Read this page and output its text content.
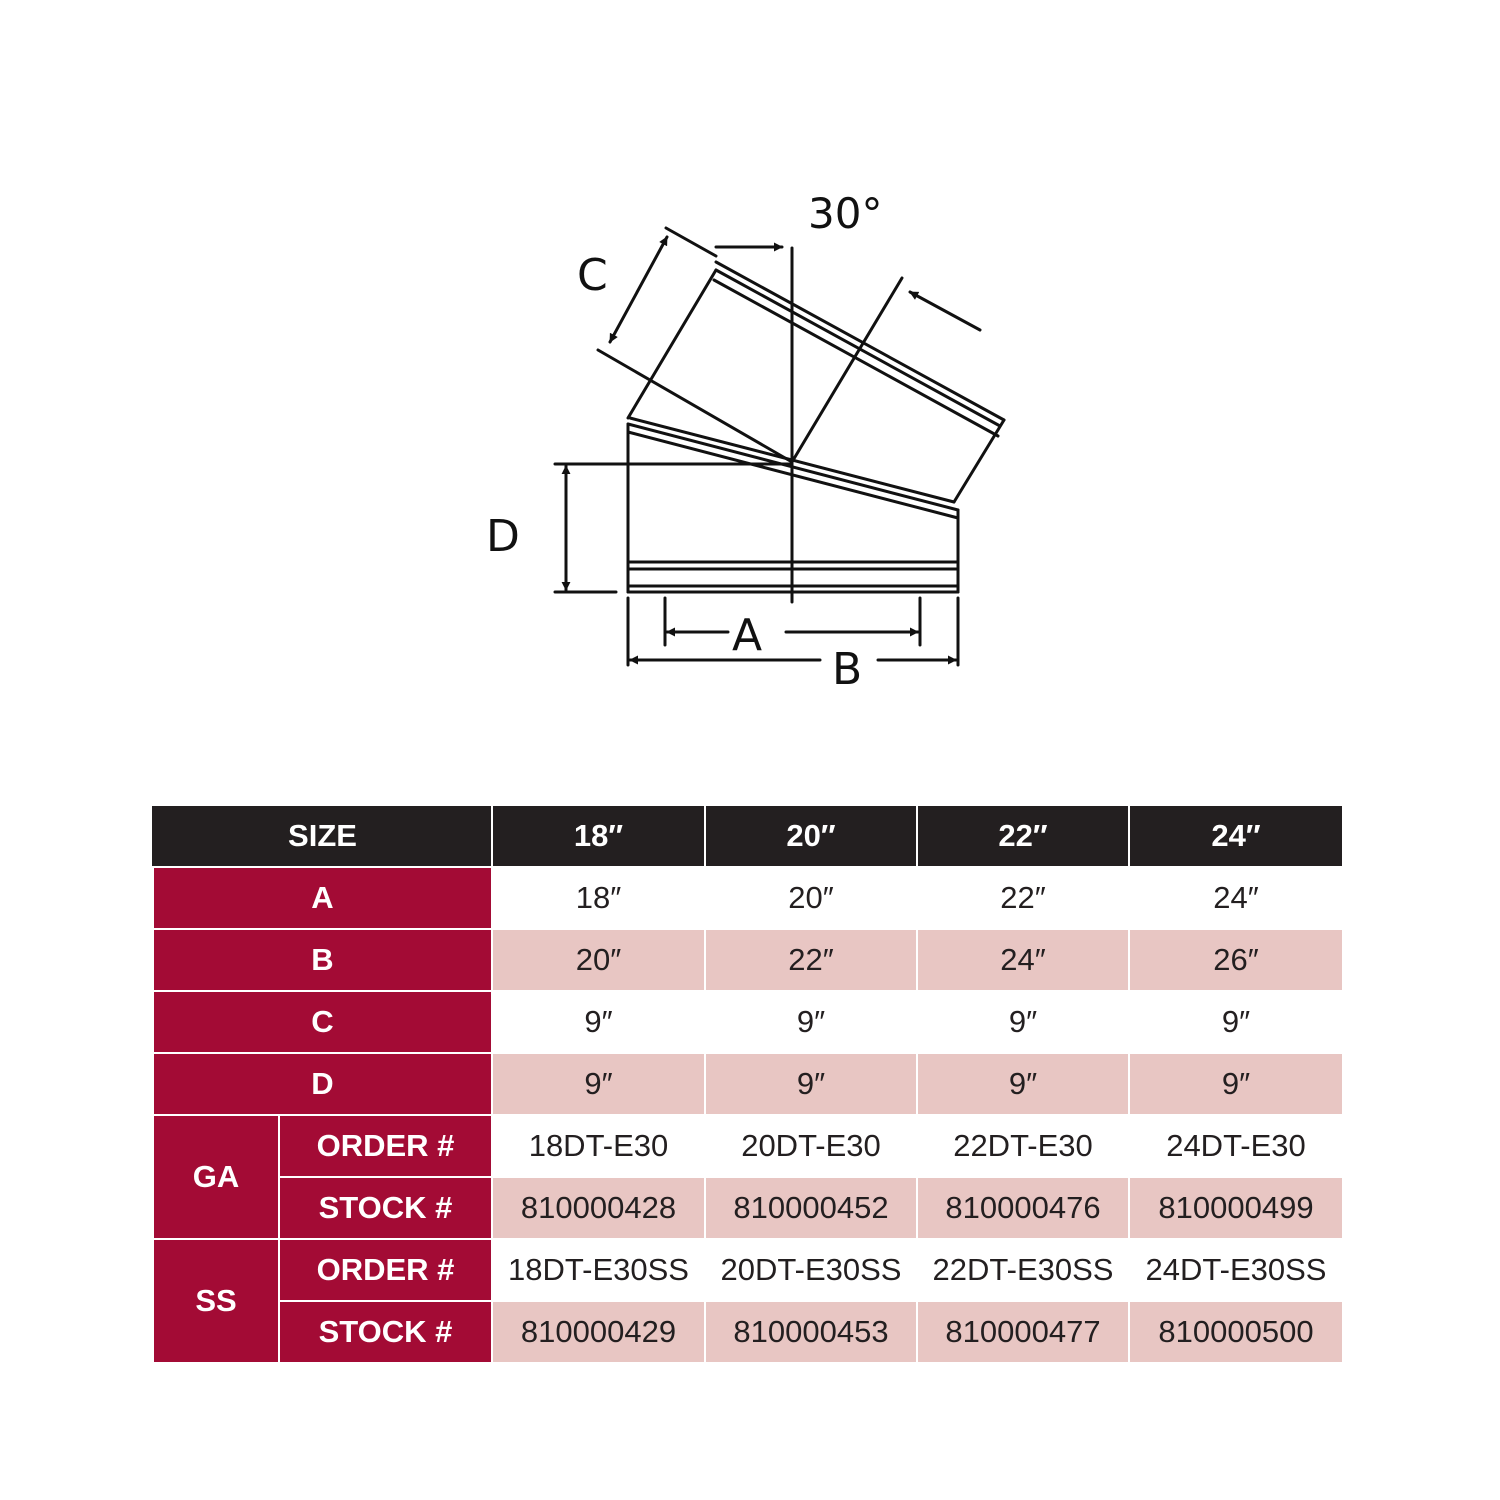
30°
C
D
A
B
SIZE		18″	20″	22″	24″
A		18″	20″	22″	24″
B		20″	22″	24″	26″
C		9″	9″	9″	9″
D		9″	9″	9″	9″
GA	ORDER #	18DT-E30	20DT-E30	22DT-E30	24DT-E30
	STOCK #	810000428	810000452	810000476	810000499
SS	ORDER #	18DT-E30SS	20DT-E30SS	22DT-E30SS	24DT-E30SS
	STOCK #	810000429	810000453	810000477	810000500
